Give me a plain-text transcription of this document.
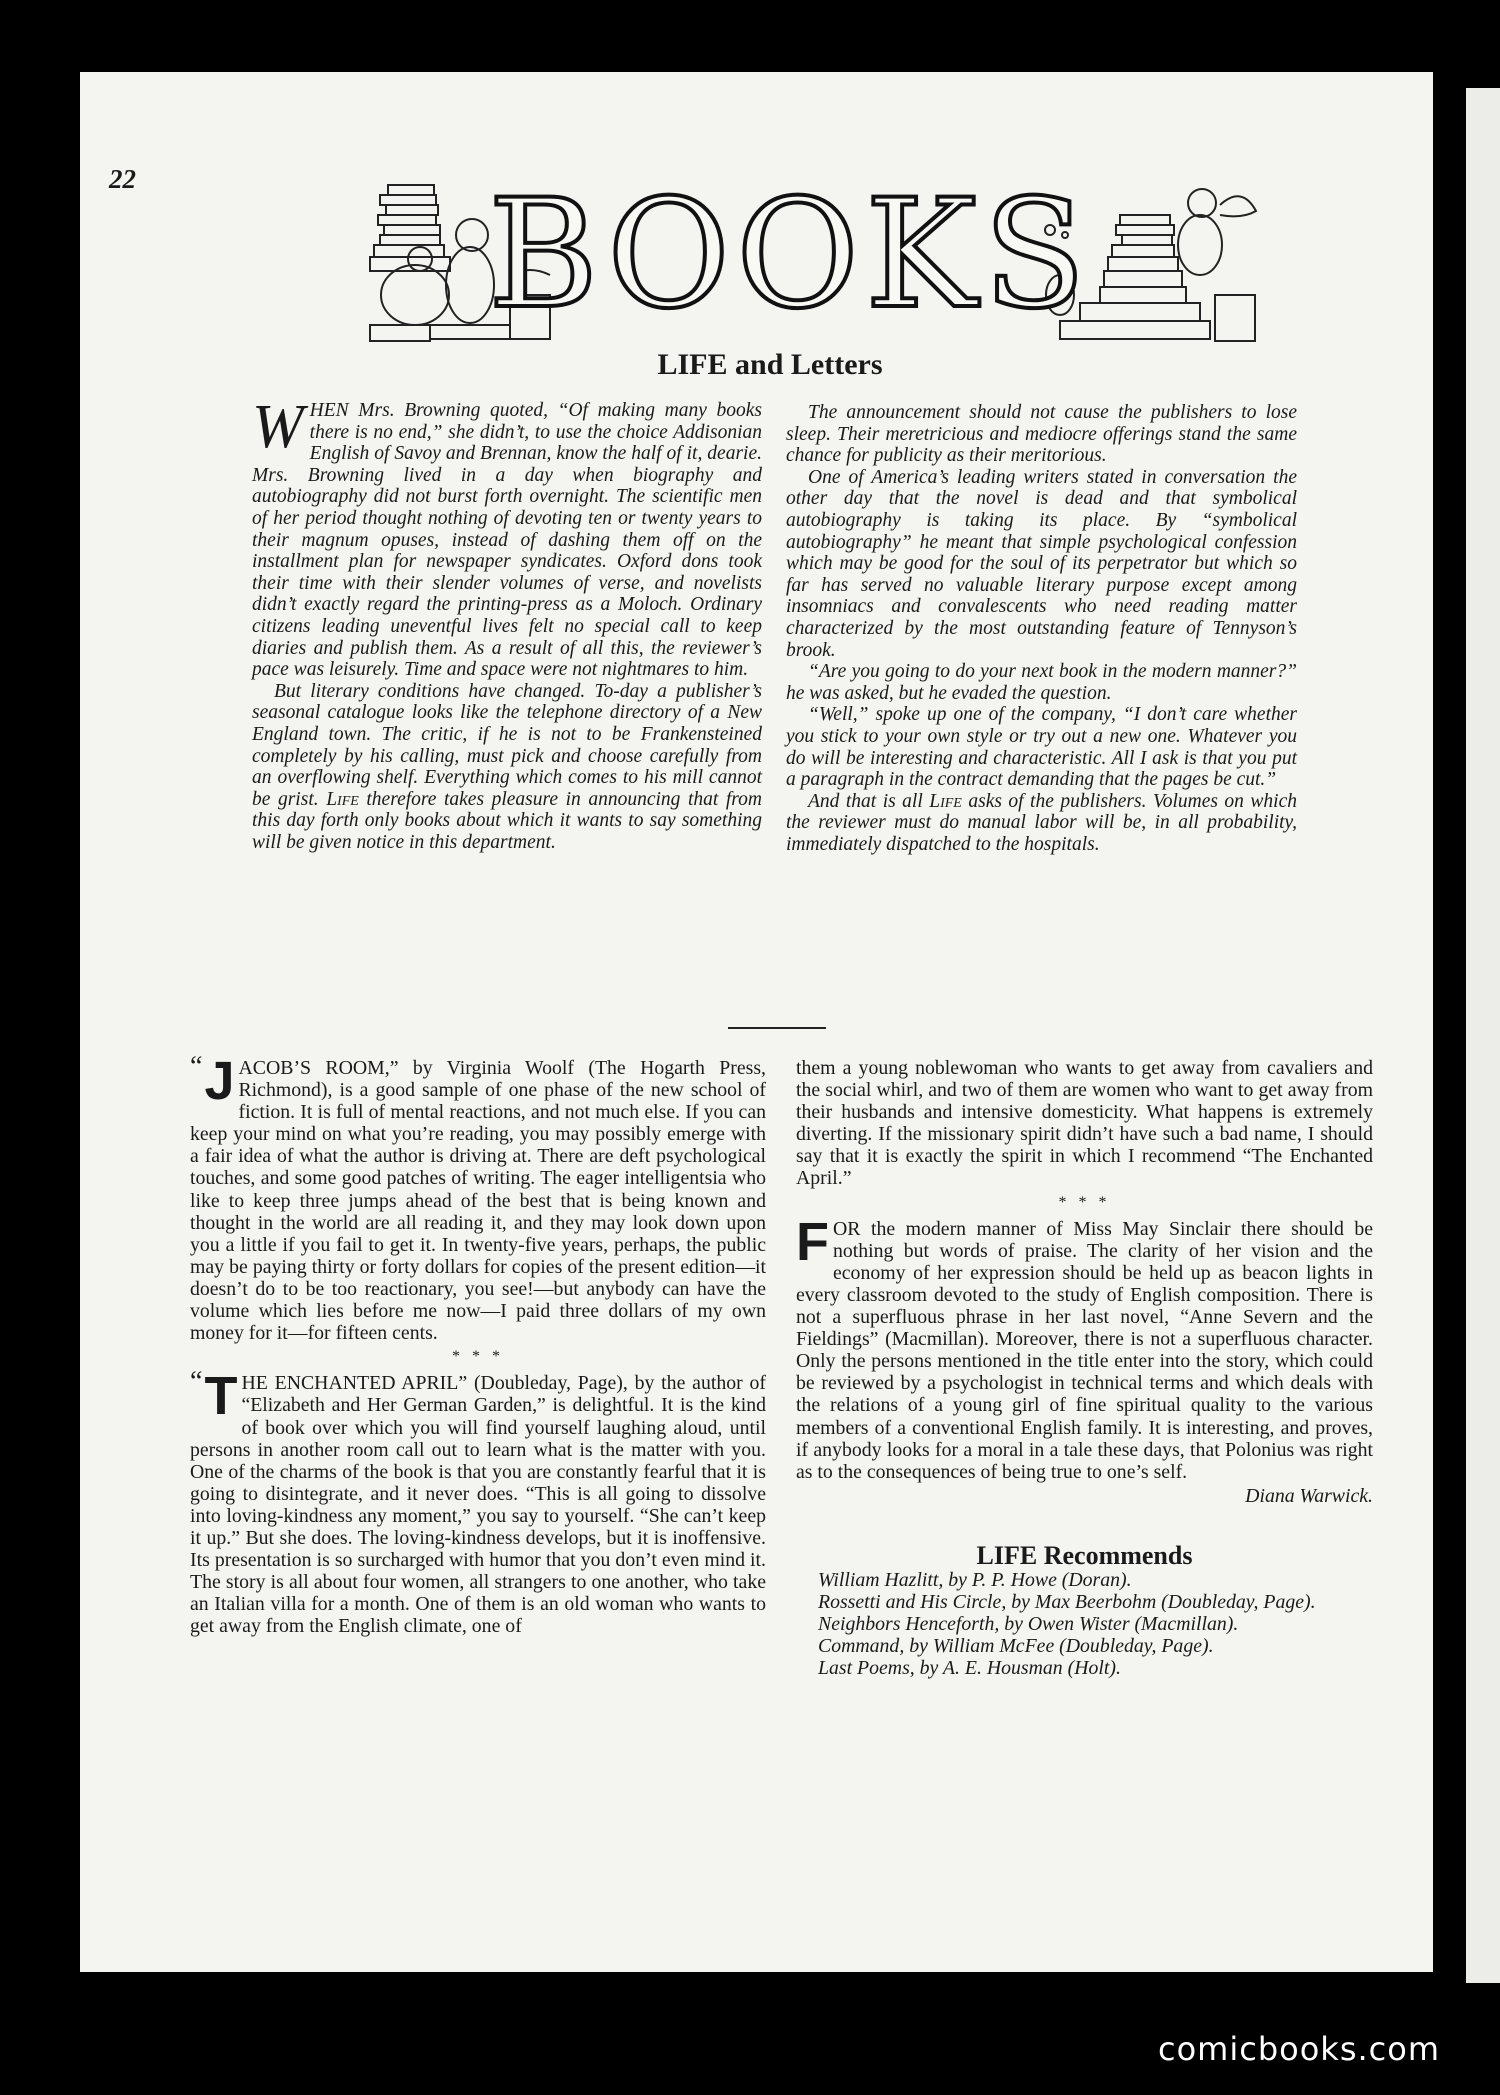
22 BOOKS
LIFE and Letters

WHEN Mrs. Browning quoted, “Of making many books there is no end,” she didn’t, to use the choice Addisonian English of Savoy and Brennan, know the half of it, dearie. Mrs. Browning lived in a day when biography and autobiography did not burst forth overnight. The scientific men of her period thought nothing of devoting ten or twenty years to their magnum opuses, instead of dashing them off on the installment plan for newspaper syndicates. Oxford dons took their time with their slender volumes of verse, and novelists didn’t exactly regard the printing-press as a Moloch. Ordinary citizens leading uneventful lives felt no special call to keep diaries and publish them. As a result of all this, the reviewer’s pace was leisurely. Time and space were not nightmares to him.

But literary conditions have changed. To-day a publisher’s seasonal catalogue looks like the telephone directory of a New England town. The critic, if he is not to be Frankensteined completely by his calling, must pick and choose carefully from an overflowing shelf. Everything which comes to his mill cannot be grist. Life therefore takes pleasure in announcing that from this day forth only books about which it wants to say something will be given notice in this department.

The announcement should not cause the publishers to lose sleep. Their meretricious and mediocre offerings stand the same chance for publicity as their meritorious.

One of America’s leading writers stated in conversation the other day that the novel is dead and that symbolical autobiography is taking its place. By “symbolical autobiography” he meant that simple psychological confession which may be good for the soul of its perpetrator but which so far has served no valuable literary purpose except among insomniacs and convalescents who need reading matter characterized by the most outstanding feature of Tennyson’s brook.

“Are you going to do your next book in the modern manner?” he was asked, but he evaded the question.

“Well,” spoke up one of the company, “I don’t care whether you stick to your own style or try out a new one. Whatever you do will be interesting and characteristic. All I ask is that you put a paragraph in the contract demanding that the pages be cut.”

And that is all Life asks of the publishers. Volumes on which the reviewer must do manual labor will be, in all probability, immediately dispatched to the hospitals.

“ J ACOB’S ROOM,” by Virginia Woolf (The Hogarth Press, Richmond), is a good sample of one phase of the new school of fiction. It is full of mental reactions, and not much else. If you can keep your mind on what you’re reading, you may possibly emerge with a fair idea of what the author is driving at. There are deft psychological touches, and some good patches of writing. The eager intelligentsia who like to keep three jumps ahead of the best that is being known and thought in the world are all reading it, and they may look down upon you a little if you fail to get it. In twenty-five years, perhaps, the public may be paying thirty or forty dollars for copies of the present edition—it doesn’t do to be too reactionary, you see!—but anybody can have the volume which lies before me now—I paid three dollars of my own money for it—for fifteen cents.

* * *

“ T HE ENCHANTED APRIL” (Doubleday, Page), by the author of “Elizabeth and Her German Garden,” is delightful. It is the kind of book over which you will find yourself laughing aloud, until persons in another room call out to learn what is the matter with you. One of the charms of the book is that you are constantly fearful that it is going to disintegrate, and it never does. “This is all going to dissolve into loving-kindness any moment,” you say to yourself. “She can’t keep it up.” But she does. The loving-kindness develops, but it is inoffensive. Its presentation is so surcharged with humor that you don’t even mind it. The story is all about four women, all strangers to one another, who take an Italian villa for a month. One of them is an old woman who wants to get away from the English climate, one of

them a young noblewoman who wants to get away from cavaliers and the social whirl, and two of them are women who want to get away from their husbands and intensive domesticity. What happens is extremely diverting. If the missionary spirit didn’t have such a bad name, I should say that it is exactly the spirit in which I recommend “The Enchanted April.”

* * *

FOR the modern manner of Miss May Sinclair there should be nothing but words of praise. The clarity of her vision and the economy of her expression should be held up as beacon lights in every classroom devoted to the study of English composition. There is not a superfluous phrase in her last novel, “Anne Severn and the Fieldings” (Macmillan). Moreover, there is not a superfluous character. Only the persons mentioned in the title enter into the story, which could be reviewed by a psychologist in technical terms and which deals with the relations of a young girl of fine spiritual quality to the various members of a conventional English family. It is interesting, and proves, if anybody looks for a moral in a tale these days, that Polonius was right as to the consequences of being true to one’s self.

Diana Warwick.

LIFE Recommends

William Hazlitt, by P. P. Howe (Doran).
Rossetti and His Circle, by Max Beerbohm (Doubleday, Page).
Neighbors Henceforth, by Owen Wister (Macmillan).
Command, by William McFee (Doubleday, Page).
Last Poems, by A. E. Housman (Holt).
comicbooks.com
